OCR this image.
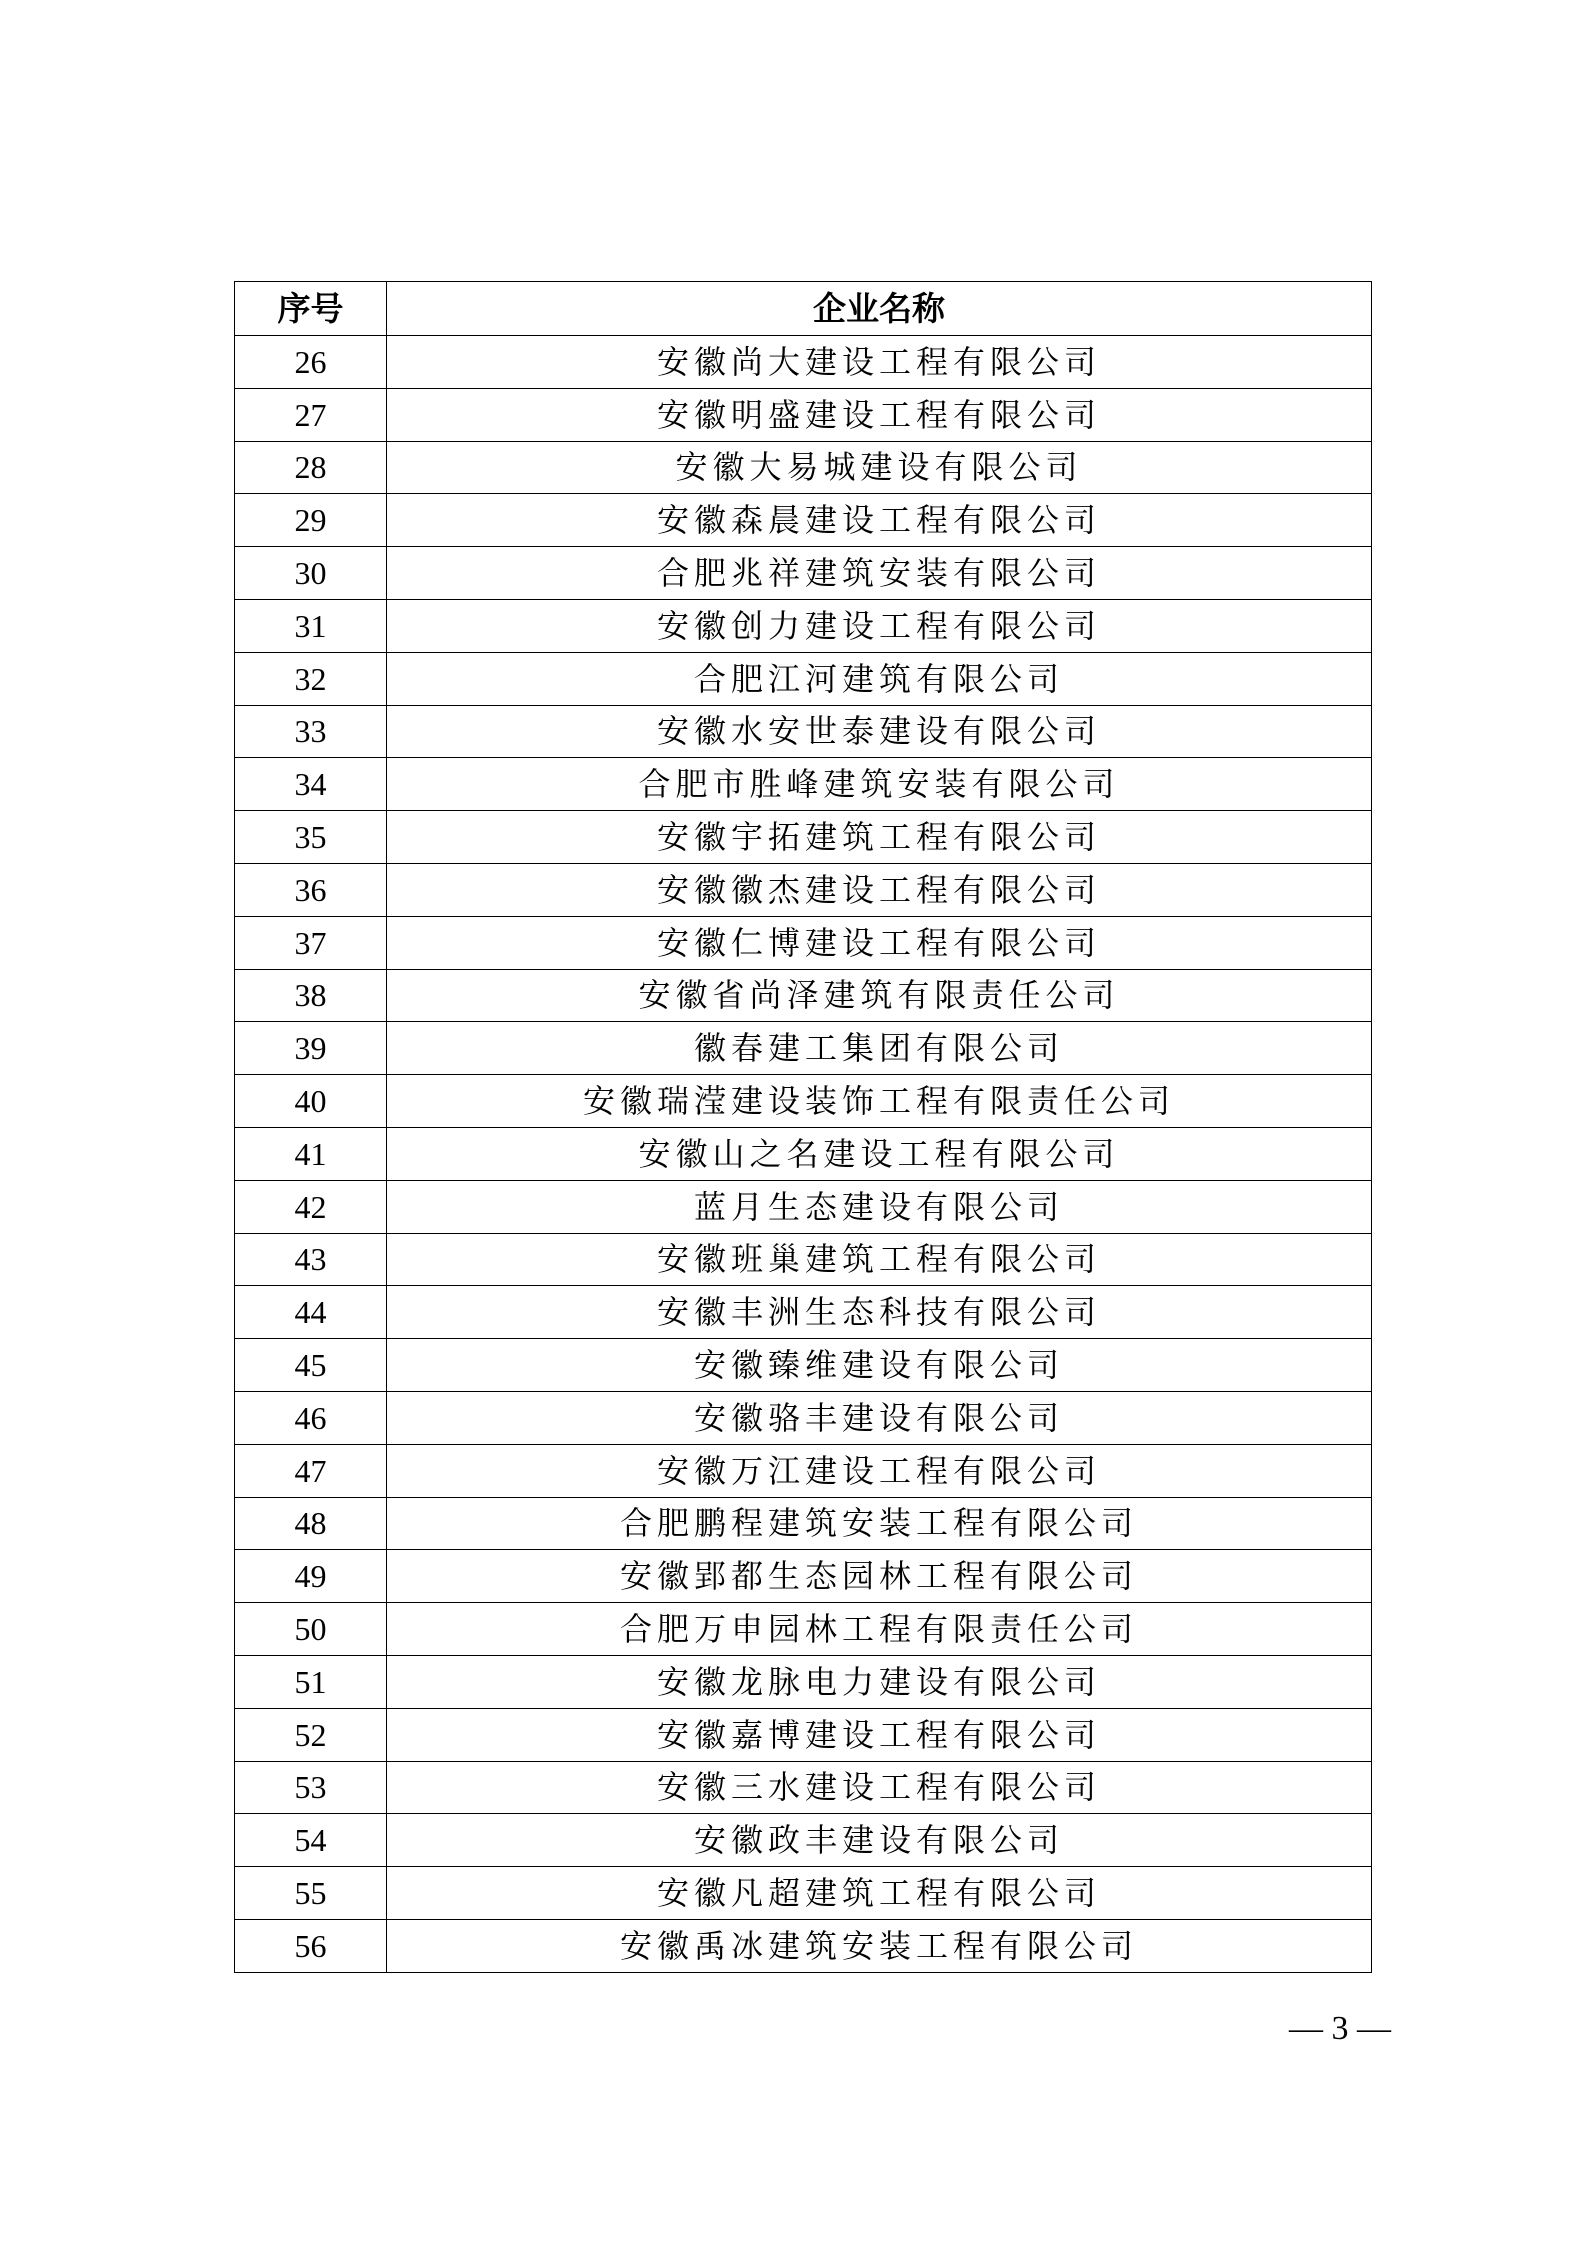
序号	企业名称
26	安徽尚大建设工程有限公司
27	安徽明盛建设工程有限公司
28	安徽大易城建设有限公司
29	安徽森晨建设工程有限公司
30	合肥兆祥建筑安装有限公司
31	安徽创力建设工程有限公司
32	合肥江河建筑有限公司
33	安徽水安世泰建设有限公司
34	合肥市胜峰建筑安装有限公司
35	安徽宇拓建筑工程有限公司
36	安徽徽杰建设工程有限公司
37	安徽仁博建设工程有限公司
38	安徽省尚泽建筑有限责任公司
39	徽春建工集团有限公司
40	安徽瑞滢建设装饰工程有限责任公司
41	安徽山之名建设工程有限公司
42	蓝月生态建设有限公司
43	安徽班巢建筑工程有限公司
44	安徽丰洲生态科技有限公司
45	安徽臻维建设有限公司
46	安徽骆丰建设有限公司
47	安徽万江建设工程有限公司
48	合肥鹏程建筑安装工程有限公司
49	安徽郢都生态园林工程有限公司
50	合肥万申园林工程有限责任公司
51	安徽龙脉电力建设有限公司
52	安徽嘉博建设工程有限公司
53	安徽三水建设工程有限公司
54	安徽政丰建设有限公司
55	安徽凡超建筑工程有限公司
56	安徽禹冰建筑安装工程有限公司
— 3 —
